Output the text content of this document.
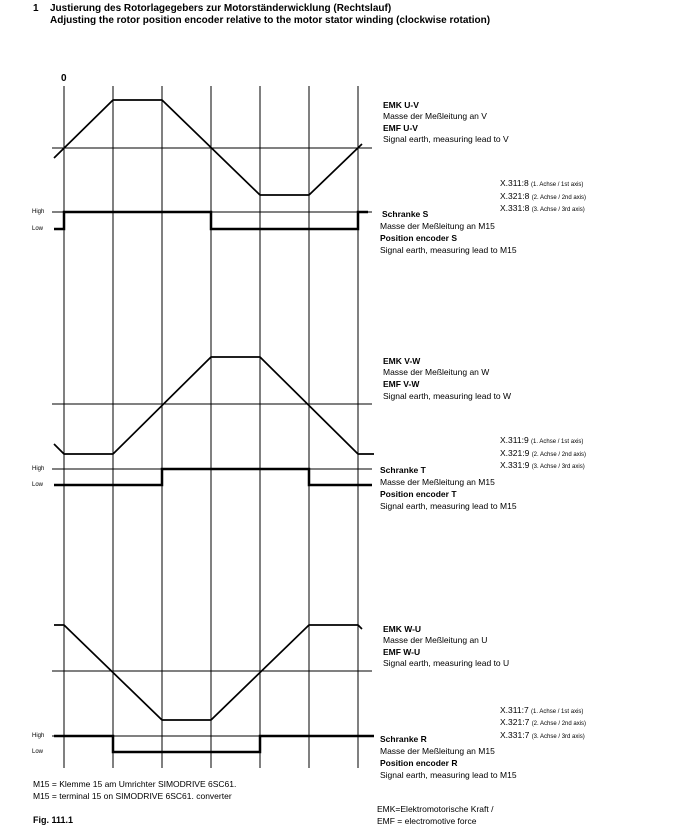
1 Justierung des Rotorlagegebers zur Motorständerwicklung (Rechtslauf)
Adjusting the rotor position encoder relative to the motor stator winding (clockwise rotation)
0
High
Low
High
Low
High
Low
EMK U-V
Masse der Meßleitung an V
EMF U-V
Signal earth, measuring lead to V
X.311:8 (1. Achse / 1st axis)
X.321:8 (2. Achse / 2nd axis)
X.331:8 (3. Achse / 3rd axis)
Schranke S
Masse der Meßleitung an M15
Position encoder S
Signal earth, measuring lead to M15
EMK V-W
Masse der Meßleitung an W
EMF V-W
Signal earth, measuring lead to W
X.311:9 (1. Achse / 1st axis)
X.321:9 (2. Achse / 2nd axis)
X.331:9 (3. Achse / 3rd axis)
Schranke T
Masse der Meßleitung an M15
Position encoder T
Signal earth, measuring lead to M15
EMK W-U
Masse der Meßleitung an U
EMF W-U
Signal earth, measuring lead to U
X.311:7 (1. Achse / 1st axis)
X.321:7 (2. Achse / 2nd axis)
X.331:7 (3. Achse / 3rd axis)
Schranke R
Masse der Meßleitung an M15
Position encoder R
Signal earth, measuring lead to M15
M15 = Klemme 15 am Umrichter SIMODRIVE 6SC61.
M15 = terminal 15 on SIMODRIVE 6SC61. converter
EMK=Elektromotorische Kraft /
EMF = electromotive force
Fig. 111.1
